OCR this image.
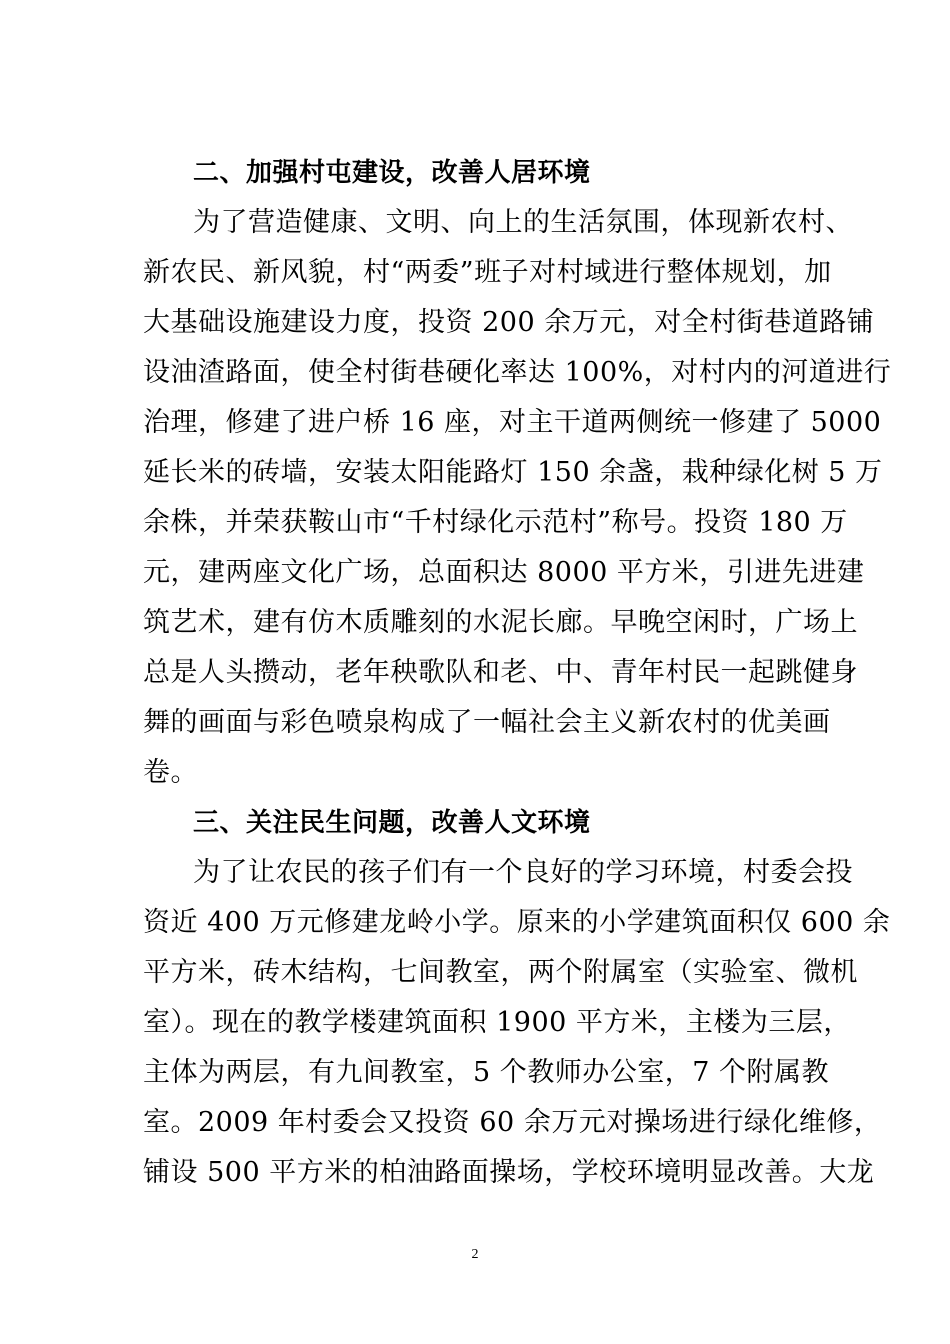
二、加强村屯建设，改善人居环境
为了营造健康、文明、向上的生活氛围，体现新农村、
新农民、新风貌，村“两委”班子对村域进行整体规划，加
大基础设施建设力度，投资 200 余万元，对全村街巷道路铺
设油渣路面，使全村街巷硬化率达 100%，对村内的河道进行
治理，修建了进户桥 16 座，对主干道两侧统一修建了 5000
延长米的砖墙，安装太阳能路灯 150 余盏，栽种绿化树 5 万
余株，并荣获鞍山市“千村绿化示范村”称号。投资 180 万
元，建两座文化广场，总面积达 8000 平方米，引进先进建
筑艺术，建有仿木质雕刻的水泥长廊。早晚空闲时，广场上
总是人头攒动，老年秧歌队和老、中、青年村民一起跳健身
舞的画面与彩色喷泉构成了一幅社会主义新农村的优美画
卷。
三、关注民生问题，改善人文环境
为了让农民的孩子们有一个良好的学习环境，村委会投
资近 400 万元修建龙岭小学。原来的小学建筑面积仅 600 余
平方米，砖木结构，七间教室，两个附属室（实验室、微机
室）。现在的教学楼建筑面积 1900 平方米，主楼为三层，
主体为两层，有九间教室，5 个教师办公室，7 个附属教
室。2009 年村委会又投资 60 余万元对操场进行绿化维修，
铺设 500 平方米的柏油路面操场，学校环境明显改善。大龙
2
